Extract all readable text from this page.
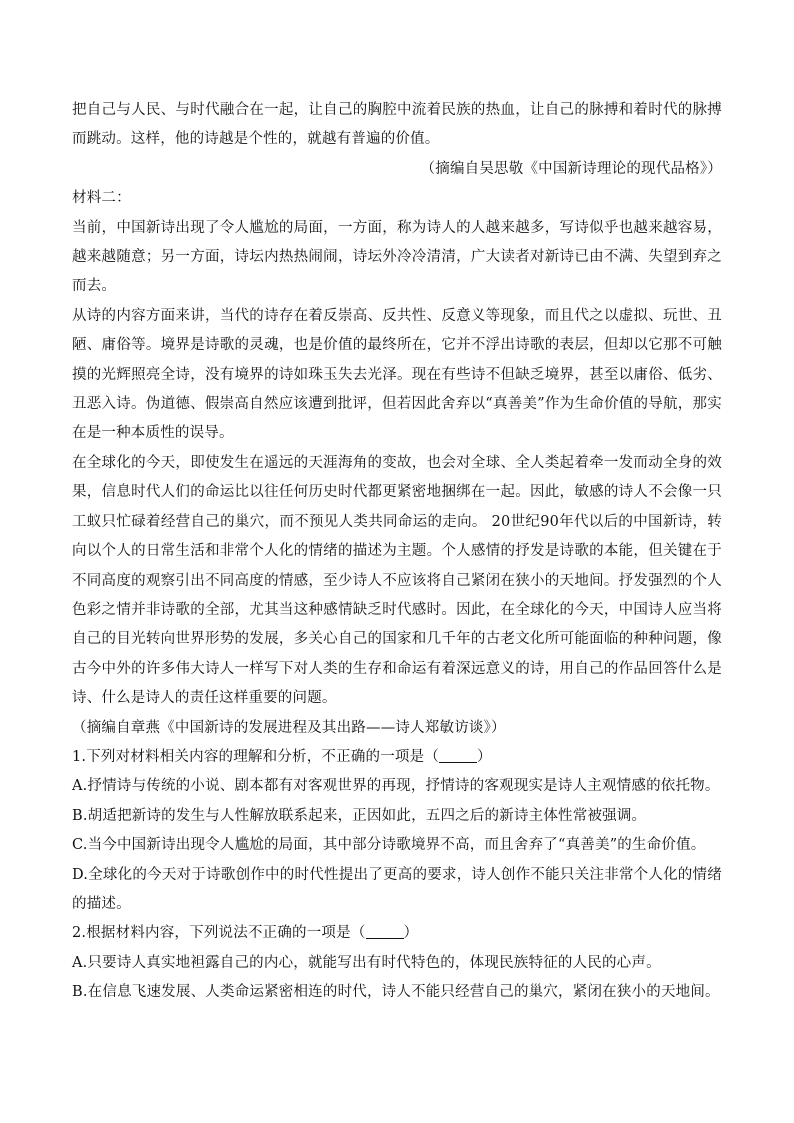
把自己与人民、与时代融合在一起，让自己的胸腔中流着民族的热血，让自己的脉搏和着时代的脉搏而跳动。这样，他的诗越是个性的，就越有普遍的价值。

（摘编自吴思敬《中国新诗理论的现代品格》）

材料二：

当前，中国新诗出现了令人尴尬的局面，一方面，称为诗人的人越来越多，写诗似乎也越来越容易，越来越随意；另一方面，诗坛内热热闹闹，诗坛外冷冷清清，广大读者对新诗已由不满、失望到弃之而去。

从诗的内容方面来讲，当代的诗存在着反崇高、反共性、反意义等现象，而且代之以虚拟、玩世、丑陋、庸俗等。境界是诗歌的灵魂，也是价值的最终所在，它并不浮出诗歌的表层，但却以它那不可触摸的光辉照亮全诗，没有境界的诗如珠玉失去光泽。现在有些诗不但缺乏境界，甚至以庸俗、低劣、丑恶入诗。伪道德、假崇高自然应该遭到批评，但若因此舍弃以“真善美”作为生命价值的导航，那实在是一种本质性的误导。

在全球化的今天，即使发生在遥远的天涯海角的变故，也会对全球、全人类起着牵一发而动全身的效果，信息时代人们的命运比以往任何历史时代都更紧密地捆绑在一起。因此，敏感的诗人不会像一只工蚁只忙碌着经营自己的巢穴，而不预见人类共同命运的走向。 20世纪90年代以后的中国新诗，转向以个人的日常生活和非常个人化的情绪的描述为主题。个人感情的抒发是诗歌的本能，但关键在于不同高度的观察引出不同高度的情感，至少诗人不应该将自己紧闭在狭小的天地间。抒发强烈的个人色彩之情并非诗歌的全部，尤其当这种感情缺乏时代感时。因此，在全球化的今天，中国诗人应当将自己的目光转向世界形势的发展，多关心自己的国家和几千年的古老文化所可能面临的种种问题，像古今中外的许多伟大诗人一样写下对人类的生存和命运有着深远意义的诗，用自己的作品回答什么是诗、什么是诗人的责任这样重要的问题。

（摘编自章燕《中国新诗的发展进程及其出路——诗人郑敏访谈》）

1.下列对材料相关内容的理解和分析，不正确的一项是（	）

A.抒情诗与传统的小说、剧本都有对客观世界的再现，抒情诗的客观现实是诗人主观情感的依托物。

B.胡适把新诗的发生与人性解放联系起来，正因如此，五四之后的新诗主体性常被强调。

C.当今中国新诗出现令人尴尬的局面，其中部分诗歌境界不高，而且舍弃了“真善美”的生命价值。

D.全球化的今天对于诗歌创作中的时代性提出了更高的要求，诗人创作不能只关注非常个人化的情绪的描述。

2.根据材料内容，下列说法不正确的一项是（	）

A.只要诗人真实地袒露自己的内心，就能写出有时代特色的，体现民族特征的人民的心声。

B.在信息飞速发展、人类命运紧密相连的时代，诗人不能只经营自己的巢穴，紧闭在狭小的天地间。
